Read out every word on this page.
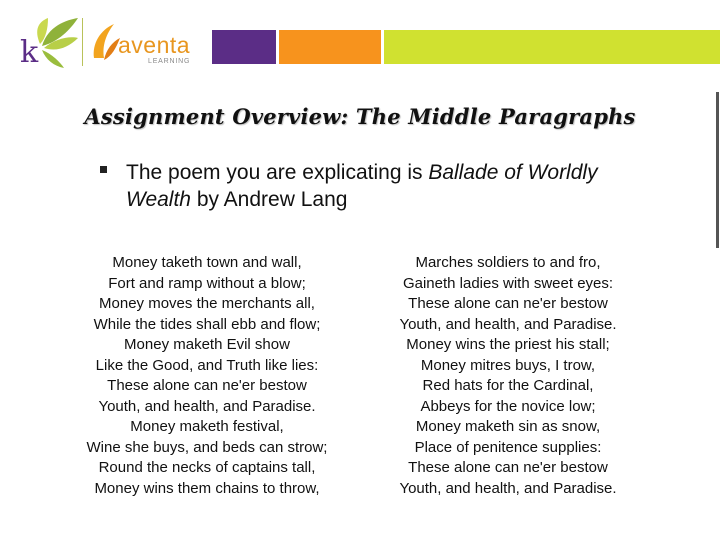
k	aventa
LEARNING
Assignment Overview: The Middle Paragraphs
The poem you are explicating is Ballade of Worldly Wealth by Andrew Lang
Money taketh town and wall,
Fort and ramp without a blow;
Money moves the merchants all,
While the tides shall ebb and flow;
Money maketh Evil show
Like the Good, and Truth like lies:
These alone can ne'er bestow
Youth, and health, and Paradise.
Money maketh festival,
Wine she buys, and beds can strow;
Round the necks of captains tall,
Money wins them chains to throw,
Marches soldiers to and fro,
Gaineth ladies with sweet eyes:
These alone can ne'er bestow
Youth, and health, and Paradise.
Money wins the priest his stall;
Money mitres buys, I trow,
Red hats for the Cardinal,
Abbeys for the novice low;
Money maketh sin as snow,
Place of penitence supplies:
These alone can ne'er bestow
Youth, and health, and Paradise.
